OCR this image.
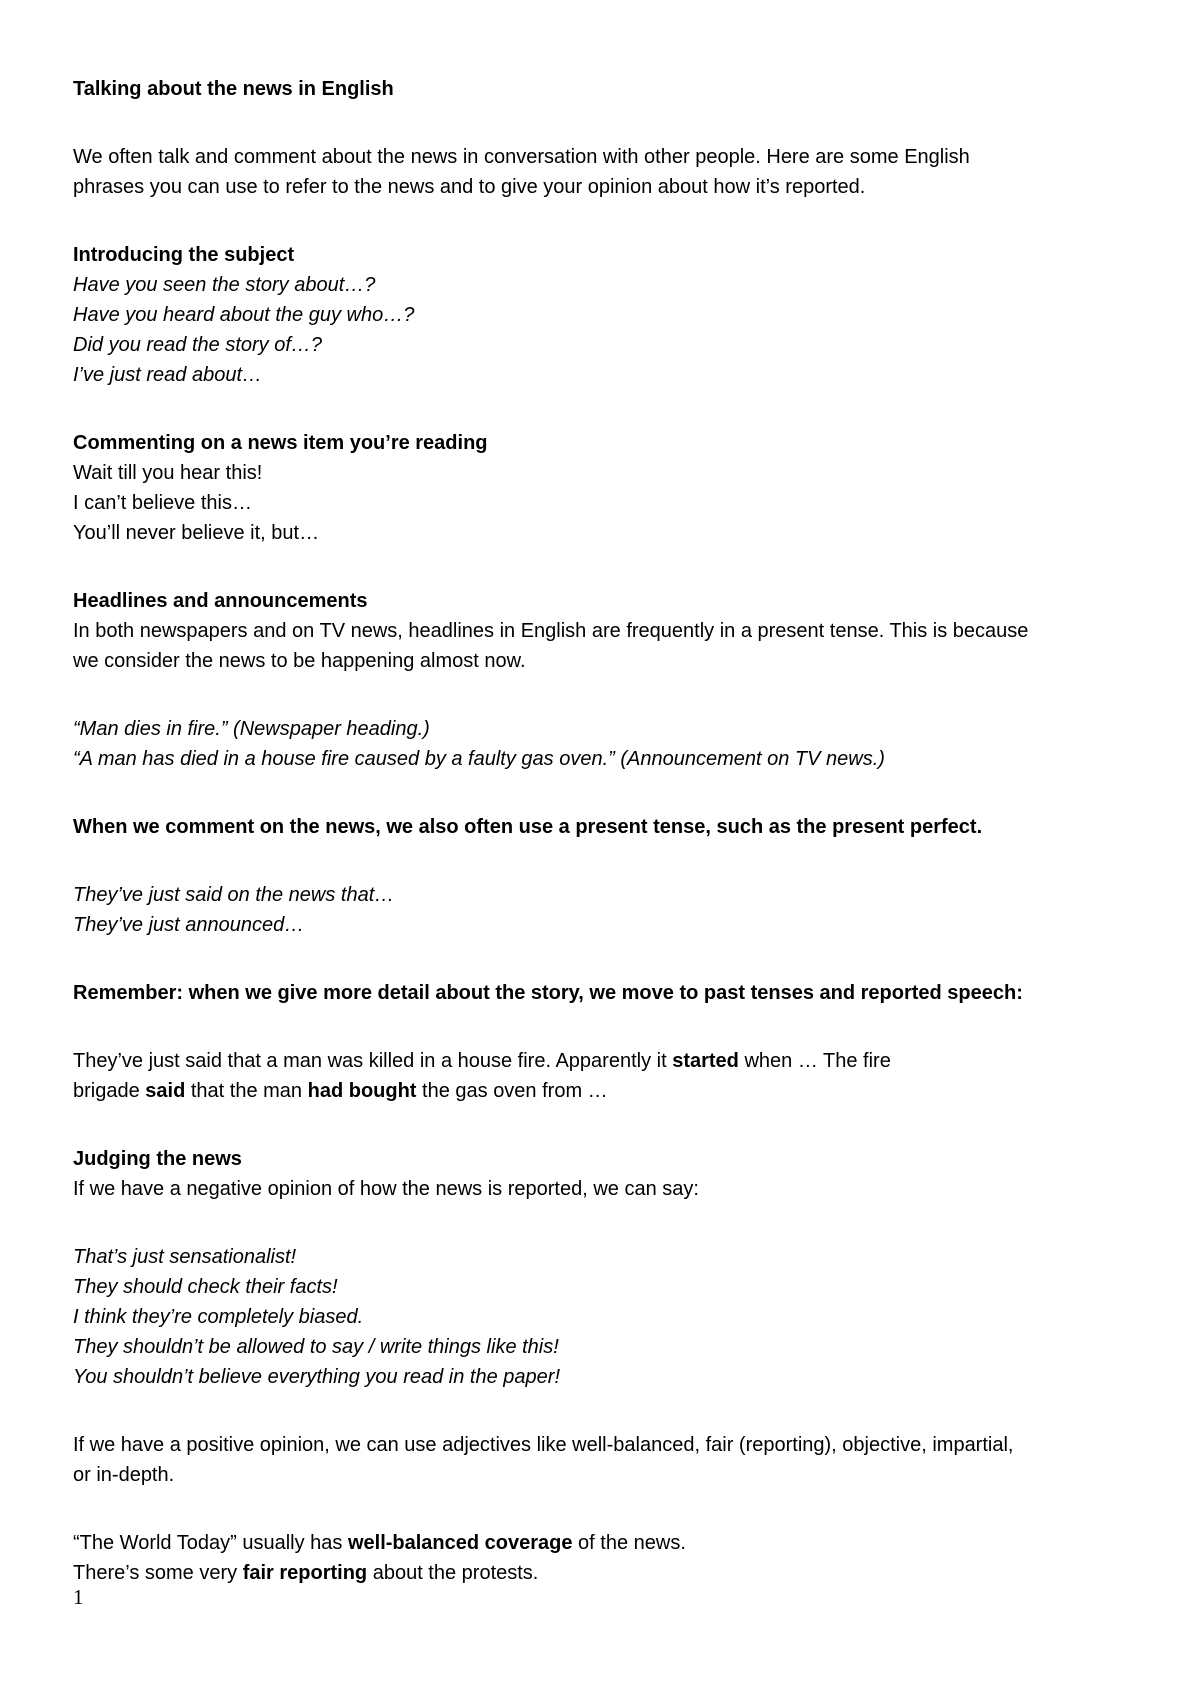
Talking about the news in English
We often talk and comment about the news in conversation with other people. Here are some English
phrases you can use to refer to the news and to give your opinion about how it’s reported.
Introducing the subject
Have you seen the story about…?
Have you heard about the guy who…?
Did you read the story of…?
I’ve just read about…
Commenting on a news item you’re reading
Wait till you hear this!
I can’t believe this…
You’ll never believe it, but…
Headlines and announcements
In both newspapers and on TV news, headlines in English are frequently in a present tense. This is because
we consider the news to be happening almost now.
“Man dies in fire.” (Newspaper heading.)
“A man has died in a house fire caused by a faulty gas oven.” (Announcement on TV news.)
When we comment on the news, we also often use a present tense, such as the present perfect.
They’ve just said on the news that…
They’ve just announced…
Remember: when we give more detail about the story, we move to past tenses and reported speech:
They’ve just said that a man was killed in a house fire. Apparently it started when … The fire
brigade said that the man had bought the gas oven from …
Judging the news
If we have a negative opinion of how the news is reported, we can say:
That’s just sensationalist!
They should check their facts!
I think they’re completely biased.
They shouldn’t be allowed to say / write things like this!
You shouldn’t believe everything you read in the paper!
If we have a positive opinion, we can use adjectives like well-balanced, fair (reporting), objective, impartial,
or in-depth.
“The World Today” usually has well-balanced coverage of the news.
There’s some very fair reporting about the protests.
1
